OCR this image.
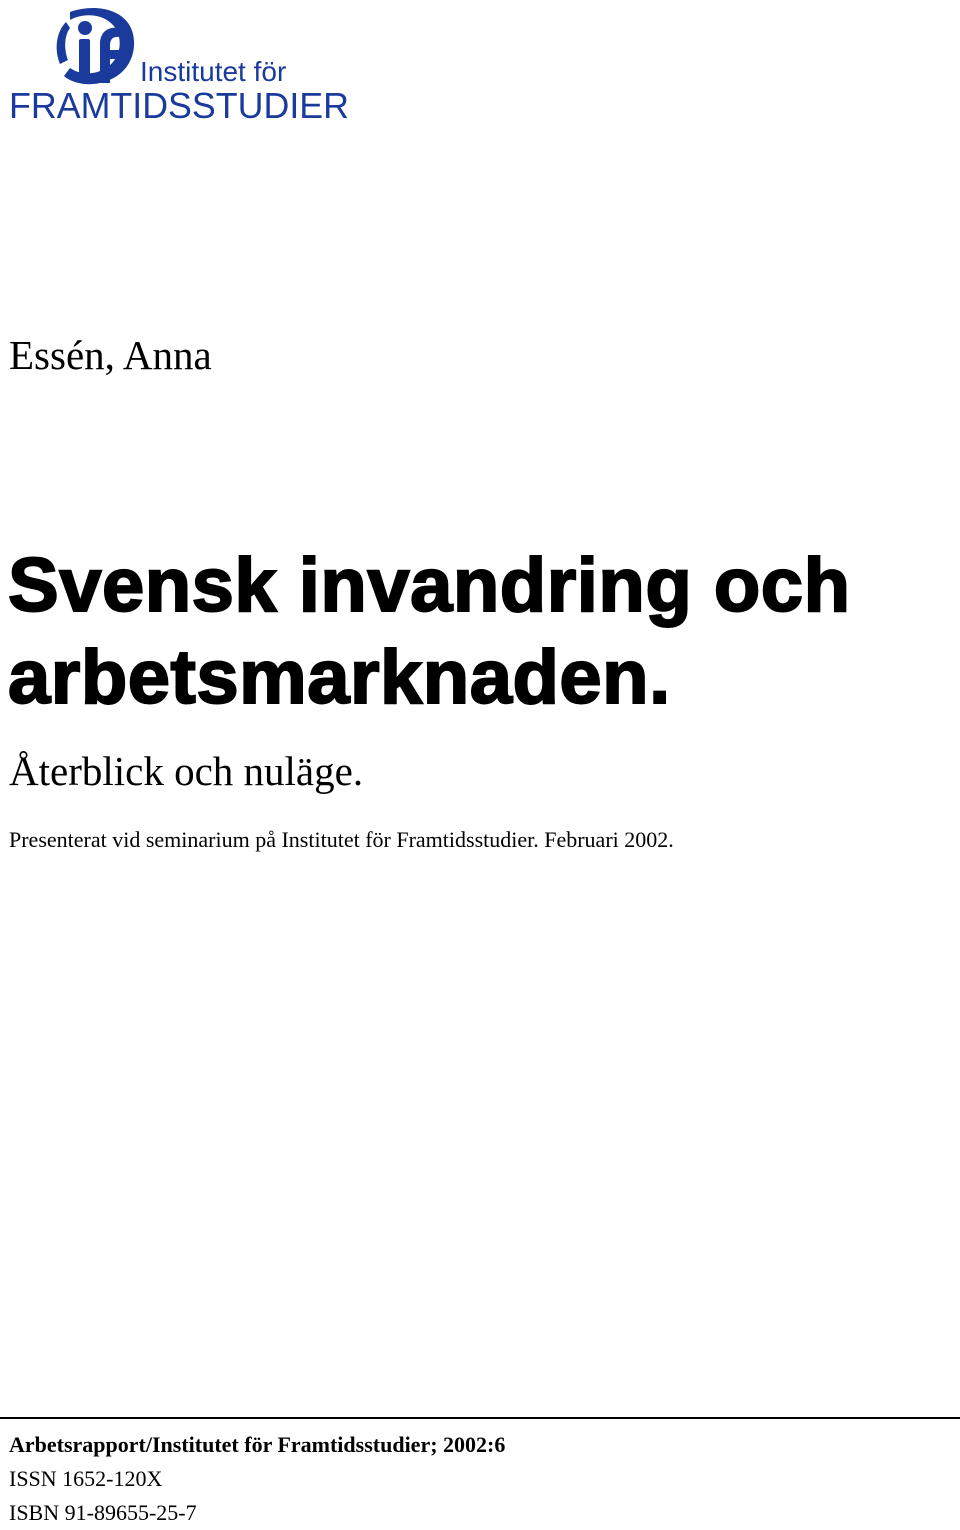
Institutet för
FRAMTIDSSTUDIER
Essén, Anna
Svensk invandring och
arbetsmarknaden.
Återblick och nuläge.
Presenterat vid seminarium på Institutet för Framtidsstudier. Februari 2002.
Arbetsrapport/Institutet för Framtidsstudier; 2002:6
ISSN 1652-120X
ISBN 91-89655-25-7
